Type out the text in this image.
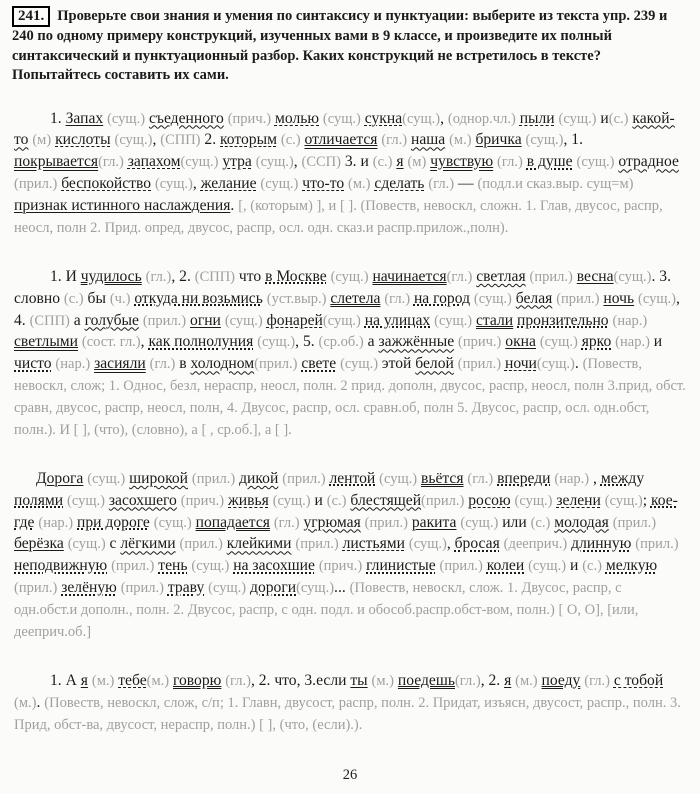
241. Проверьте свои знания и умения по синтаксису и пунктуации: выберите из текста упр. 239 и 240 по одному примеру конструкций, изученных вами в 9 классе, и произведите их полный синтаксический и пунктуационный разбор. Каких конструкций не встретилось в тексте? Попытайтесь составить их сами.

1. Запах (сущ.) съеденного (прич.) молью (сущ.) сукна(сущ.), (однор.чл.) пыли (сущ.) и(с.) какой-то (м) кислоты (сущ.), (СПП) 2. которым (с.) отличается (гл.) наша (м.) бричка (сущ.), 1. покрывается(гл.) запахом(сущ.) утра (сущ.), (ССП) 3. и (с.) я (м) чувствую (гл.) в душе (сущ.) отрадное (прил.) беспокойство (сущ.), желание (сущ.) что-то (м.) сделать (гл.) — (подл.и сказ.выр. сущ=м) признак истинного наслаждения. [, (которым) ], и [ ]. (Повеств, невоскл, сложн. 1. Глав, двусос, распр, неосл, полн 2. Прид. опред, двусос, распр, осл. одн. сказ.и распр.прилож.,полн).

1. И чудилось (гл.), 2. (СПП) что в Москве (сущ.) начинается(гл.) светлая (прил.) весна(сущ.). 3. словно (с.) бы (ч.) откуда ни возьмись (уст.выр.) слетела (гл.) на город (сущ.) белая (прил.) ночь (сущ.), 4. (СПП) а голубые (прил.) огни (сущ.) фонарей(сущ.) на улицах (сущ.) стали пронзительно (нар.) светлыми (сост. гл.), как полнолуния (сущ.), 5. (ср.об.) а зажжённые (прич.) окна (сущ.) ярко (нар.) и чисто (нар.) засияли (гл.) в холодном(прил.) свете (сущ.) этой белой (прил.) ночи(сущ.). (Повеств, невоскл, слож; 1. Однос, безл, нераспр, неосл, полн. 2 прид. дополн, двусос, распр, неосл, полн 3.прид, обст. сравн, двусос, распр, неосл, полн, 4. Двусос, распр, осл. сравн.об, полн 5. Двусос, распр, осл. одн.обст, полн.). И [ ], (что), (словно), а [ , ср.об.], а [ ].

Дорога (сущ.) широкой (прил.) дикой (прил.) лентой (сущ.) вьётся (гл.) впереди (нар.) , между полями (сущ.) засохшего (прич.) живья (сущ.) и (с.) блестящей(прил.) росою (сущ.) зелени (сущ.); кое-где (нар.) при дороге (сущ.) попадается (гл.) угрюмая (прил.) ракита (сущ.) или (с.) молодая (прил.) берёзка (сущ.) с лёгкими (прил.) клейкими (прил.) листьями (сущ.), бросая (дееприч.) длинную (прил.) неподвижную (прил.) тень (сущ.) на засохшие (прич.) глинистые (прил.) колеи (сущ.) и (с.) мелкую (прил.) зелёную (прил.) траву (сущ.) дороги(сущ.)... (Повеств, невоскл, слож. 1. Двусос, распр, с одн.обст.и дополн., полн. 2. Двусос, распр, с одн. подл. и обособ.распр.обст-вом, полн.) [ О, О], [или, дееприч.об.]

1. А я (м.) тебе(м.) говорю (гл.), 2. что, 3.если ты (м.) поедешь(гл.), 2. я (м.) поеду (гл.) с тобой (м.). (Повеств, невоскл, слож, с/п; 1. Главн, двусост, распр, полн. 2. Придат, изъясн, двусост, распр., полн. 3. Прид, обст-ва, двусост, нераспр, полн.) [ ], (что, (если).).

26
